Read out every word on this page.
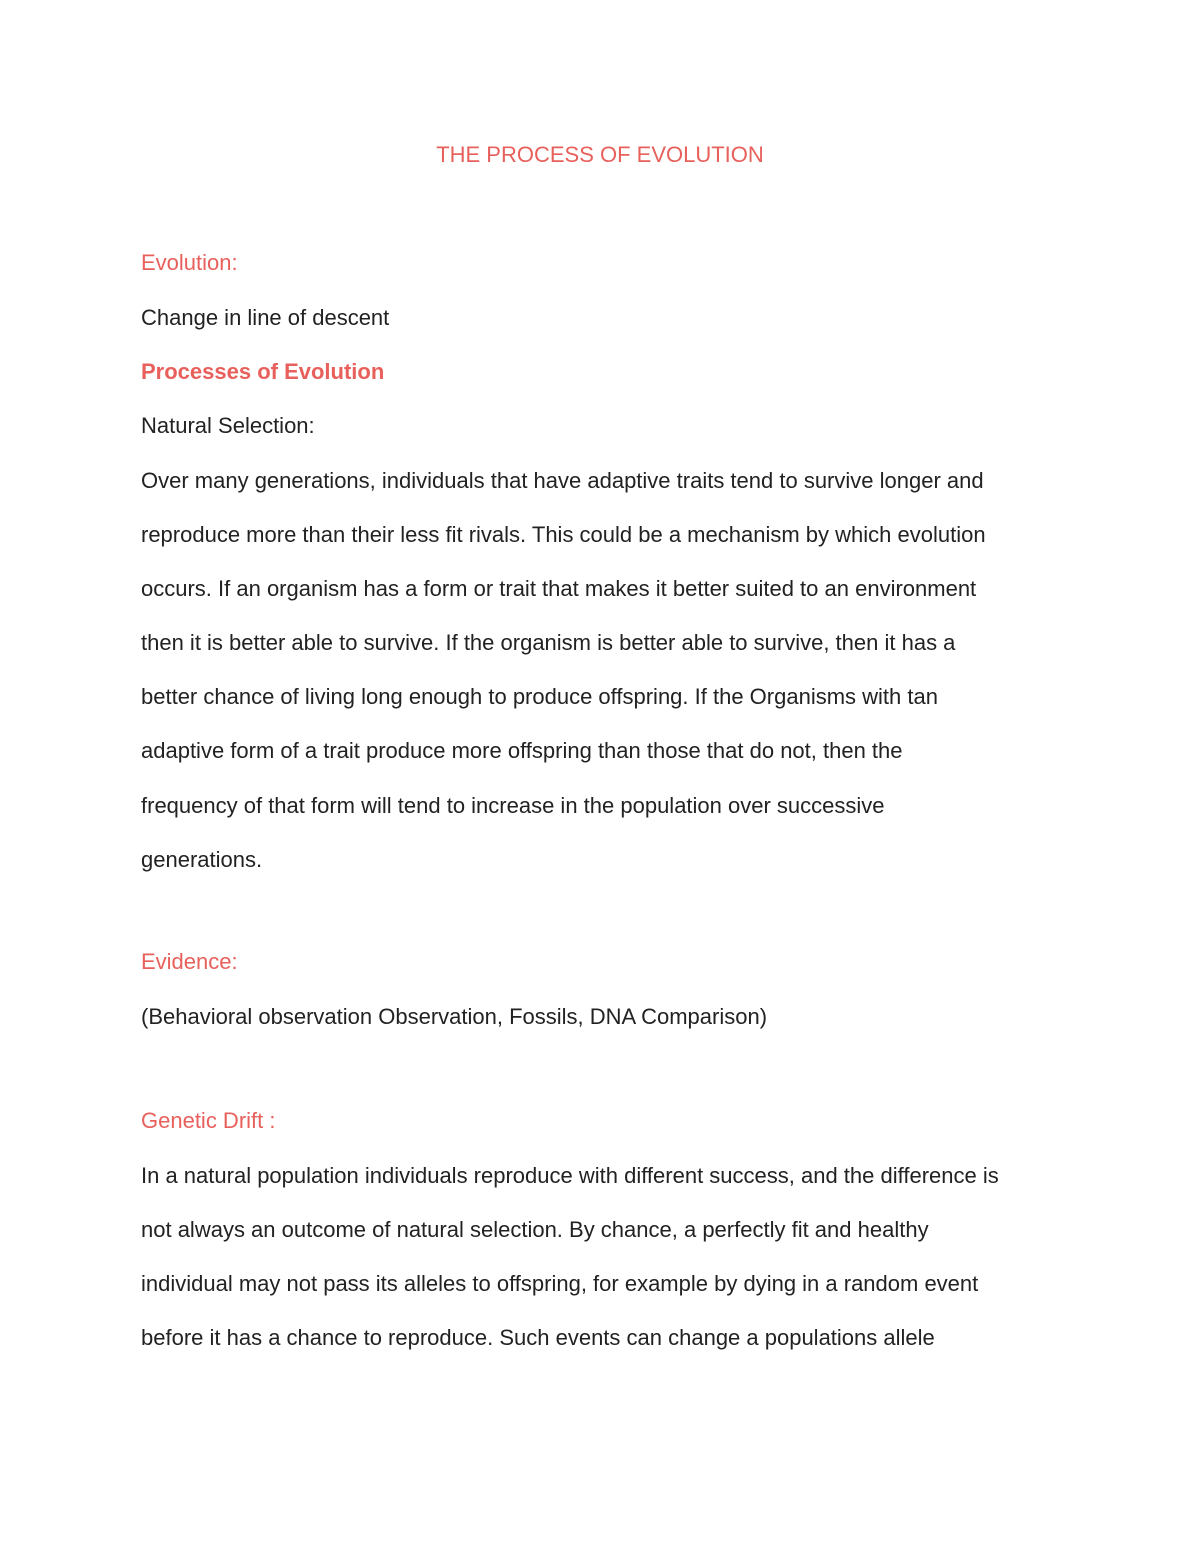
THE PROCESS OF EVOLUTION
Evolution:
Change in line of descent
Processes of Evolution
Natural Selection:
Over many generations, individuals that have adaptive traits tend to survive longer and
reproduce more than their less fit rivals. This could be a mechanism by which evolution
occurs. If an organism has a form or trait that makes it better suited to an environment
then it is better able to survive. If the organism is better able to survive, then it has a
better chance of living long enough to produce offspring. If the Organisms with tan
adaptive form of a trait produce more offspring than those that do not, then the
frequency of that form will tend to increase in the population over successive
generations.
Evidence:
(Behavioral observation Observation, Fossils, DNA Comparison)
Genetic Drift :
In a natural population individuals reproduce with different success, and the difference is
not always an outcome of natural selection. By chance, a perfectly fit and healthy
individual may not pass its alleles to offspring, for example by dying in a random event
before it has a chance to reproduce. Such events can change a populations allele
